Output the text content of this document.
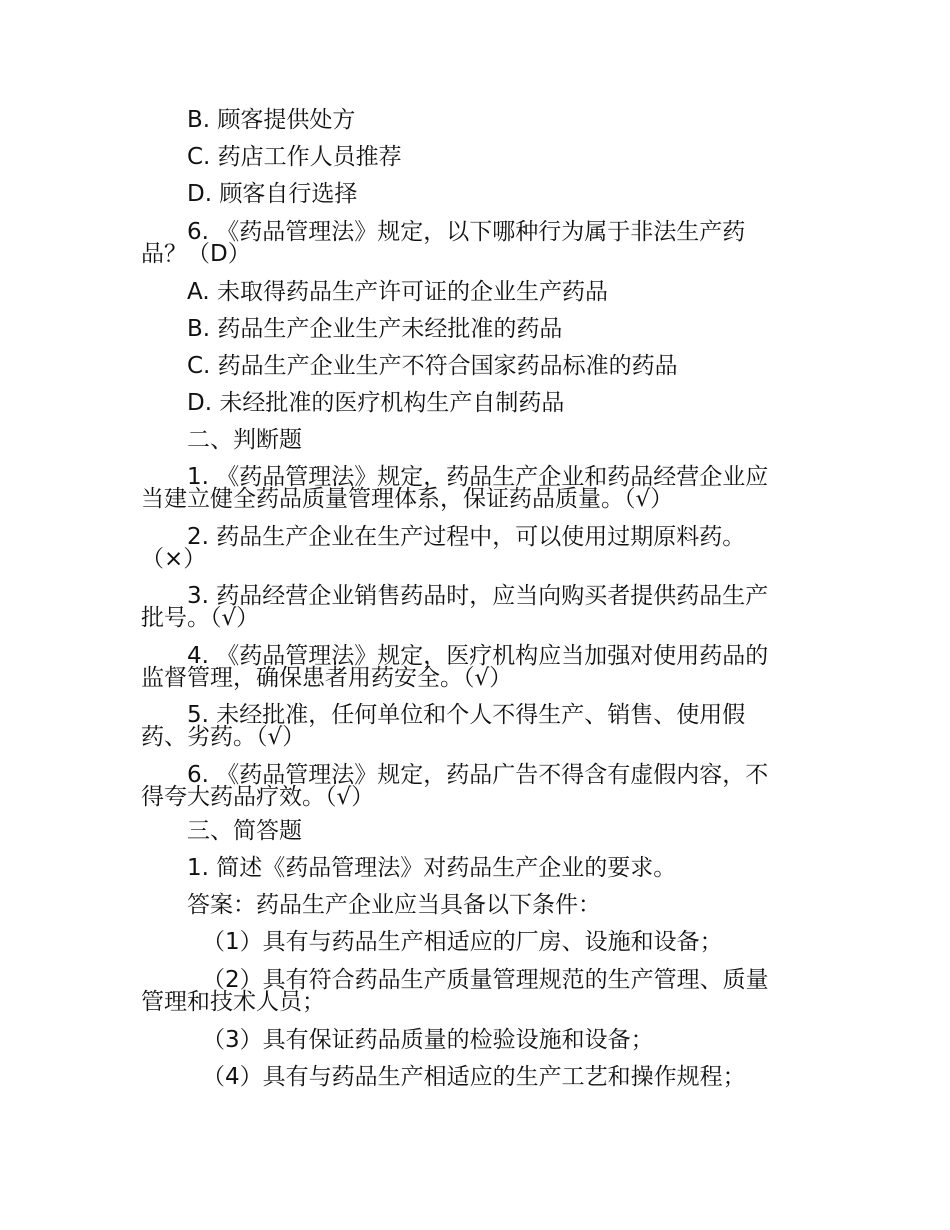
B. 顾客提供处方

C. 药店工作人员推荐

D. 顾客自行选择

6. 《药品管理法》规定，以下哪种行为属于非法生产药

品？（D）

A. 未取得药品生产许可证的企业生产药品

B. 药品生产企业生产未经批准的药品

C. 药品生产企业生产不符合国家药品标准的药品

D. 未经批准的医疗机构生产自制药品

二、判断题

1. 《药品管理法》规定，药品生产企业和药品经营企业应

当建立健全药品质量管理体系，保证药品质量。（√）

2. 药品生产企业在生产过程中，可以使用过期原料药。

（×）

3. 药品经营企业销售药品时，应当向购买者提供药品生产

批号。（√）

4. 《药品管理法》规定，医疗机构应当加强对使用药品的

监督管理，确保患者用药安全。（√）

5. 未经批准，任何单位和个人不得生产、销售、使用假

药、劣药。（√）

6. 《药品管理法》规定，药品广告不得含有虚假内容，不

得夸大药品疗效。（√）

三、简答题

1. 简述《药品管理法》对药品生产企业的要求。

答案：药品生产企业应当具备以下条件：

（1）具有与药品生产相适应的厂房、设施和设备；

（2）具有符合药品生产质量管理规范的生产管理、质量

管理和技术人员；

（3）具有保证药品质量的检验设施和设备；

（4）具有与药品生产相适应的生产工艺和操作规程；
